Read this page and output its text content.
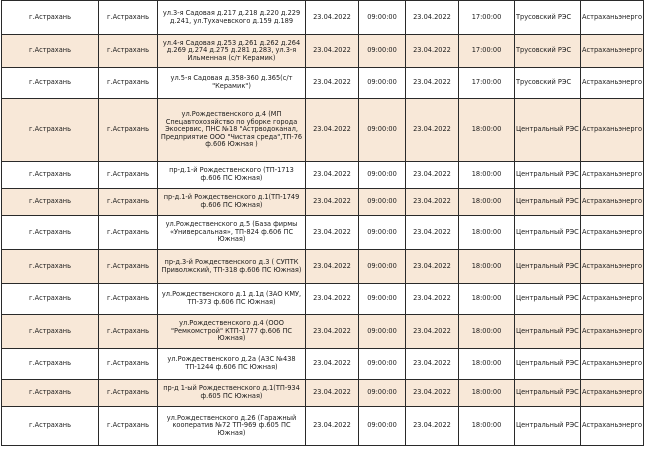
г.Астрахань	г.Астрахань	ул.3-я Садовая д.217 д.218 д.220 д.229 д.241, ул.Тухачевского д.159 д.189	23.04.2022	09:00:00	23.04.2022	17:00:00	Трусовский РЭС	Астраханьэнерго
г.Астрахань	г.Астрахань	ул.4-я Садовая д.253 д.261 д.262 д.264 д.269 д.274 д.275 д.281 д.283, ул.3-я Ильменная (с/т Керамик)	23.04.2022	09:00:00	23.04.2022	17:00:00	Трусовский РЭС	Астраханьэнерго
г.Астрахань	г.Астрахань	ул.5-я Садовая д.358-360 д.365(с/т "Керамик")	23.04.2022	09:00:00	23.04.2022	17:00:00	Трусовский РЭС	Астраханьэнерго
г.Астрахань	г.Астрахань	ул.Рождественского д.4 (МП Спецавтохозяйство по уборке города Экосервис, ПНС №18 "Астрводоканал, Предприятие ООО "Чистая среда",ТП-76 ф.606 Южная )	23.04.2022	09:00:00	23.04.2022	18:00:00	Центральный РЭС	Астраханьэнерго
г.Астрахань	г.Астрахань	пр-д.1-й Рождественского (ТП-1713 ф.606 ПС Южная)	23.04.2022	09:00:00	23.04.2022	18:00:00	Центральный РЭС	Астраханьэнерго
г.Астрахань	г.Астрахань	пр-д.1-й Рождественского д.1(ТП-1749 ф.606 ПС Южная)	23.04.2022	09:00:00	23.04.2022	18:00:00	Центральный РЭС	Астраханьэнерго
г.Астрахань	г.Астрахань	ул.Рождественского д.5 (База фирмы «Универсальная», ТП-824 ф.606 ПС Южная)	23.04.2022	09:00:00	23.04.2022	18:00:00	Центральный РЭС	Астраханьэнерго
г.Астрахань	г.Астрахань	пр-д.3-й Рождественского д.3 ( СУПТК Приволжский, ТП-318 ф.606 ПС Южная)	23.04.2022	09:00:00	23.04.2022	18:00:00	Центральный РЭС	Астраханьэнерго
г.Астрахань	г.Астрахань	ул.Рождественского д.1 д.1д (ЗАО КМУ, ТП-373 ф.606 ПС Южная)	23.04.2022	09:00:00	23.04.2022	18:00:00	Центральный РЭС	Астраханьэнерго
г.Астрахань	г.Астрахань	ул.Рождественского д.4 (ООО "Ремкомстрой" КТП-1777 ф.606 ПС Южная)	23.04.2022	09:00:00	23.04.2022	18:00:00	Центральный РЭС	Астраханьэнерго
г.Астрахань	г.Астрахань	ул.Рождественского д.2а (АЗС №438 ТП-1244 ф.606 ПС Южная)	23.04.2022	09:00:00	23.04.2022	18:00:00	Центральный РЭС	Астраханьэнерго
г.Астрахань	г.Астрахань	пр-д 1-ый Рождественского д.1(ТП-934 ф.605 ПС Южная)	23.04.2022	09:00:00	23.04.2022	18:00:00	Центральный РЭС	Астраханьэнерго
г.Астрахань	г.Астрахань	ул.Рождественского д.26 (Гаражный кооператив №72 ТП-969 ф.605 ПС Южная)	23.04.2022	09:00:00	23.04.2022	18:00:00	Центральный РЭС	Астраханьэнерго
